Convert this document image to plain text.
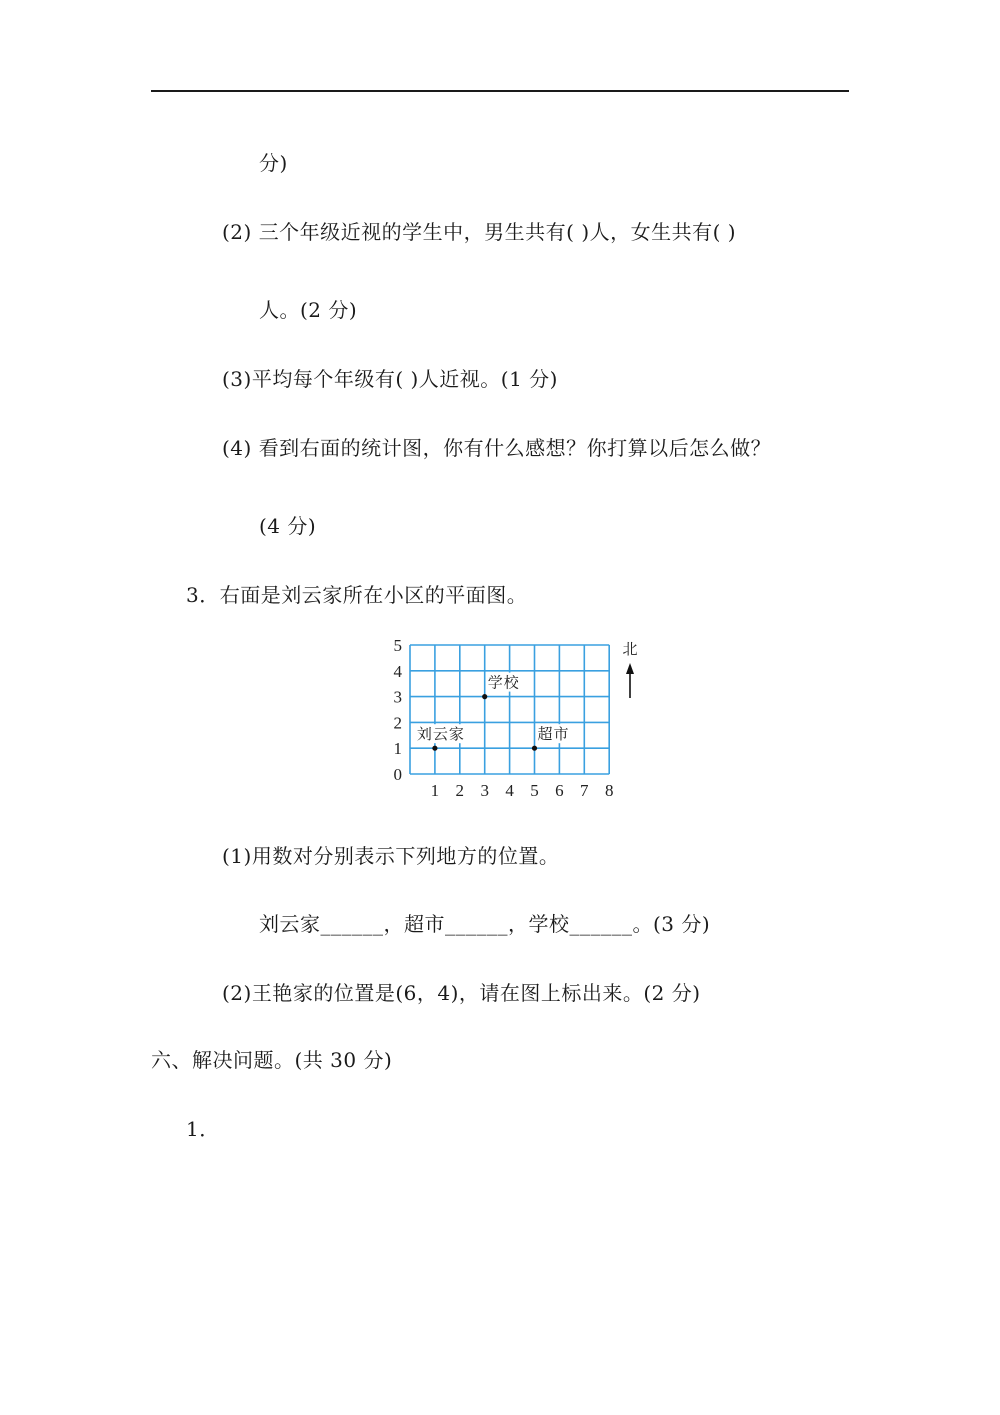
分)
(2) 三个年级近视的学生中，男生共有( )人，女生共有( )
人。(2 分)
(3)平均每个年级有( )人近视。(1 分)
(4) 看到右面的统计图，你有什么感想？你打算以后怎么做？
(4 分)
3．右面是刘云家所在小区的平面图。
0
1
2
3
4
5
1 2 3 4 5 6 7 8
刘云家
学校
超市
北
(1)用数对分别表示下列地方的位置。
刘云家______，超市______，学校______。(3 分)
(2)王艳家的位置是(6，4)，请在图上标出来。(2 分)
六、解决问题。(共 30 分)
1．
